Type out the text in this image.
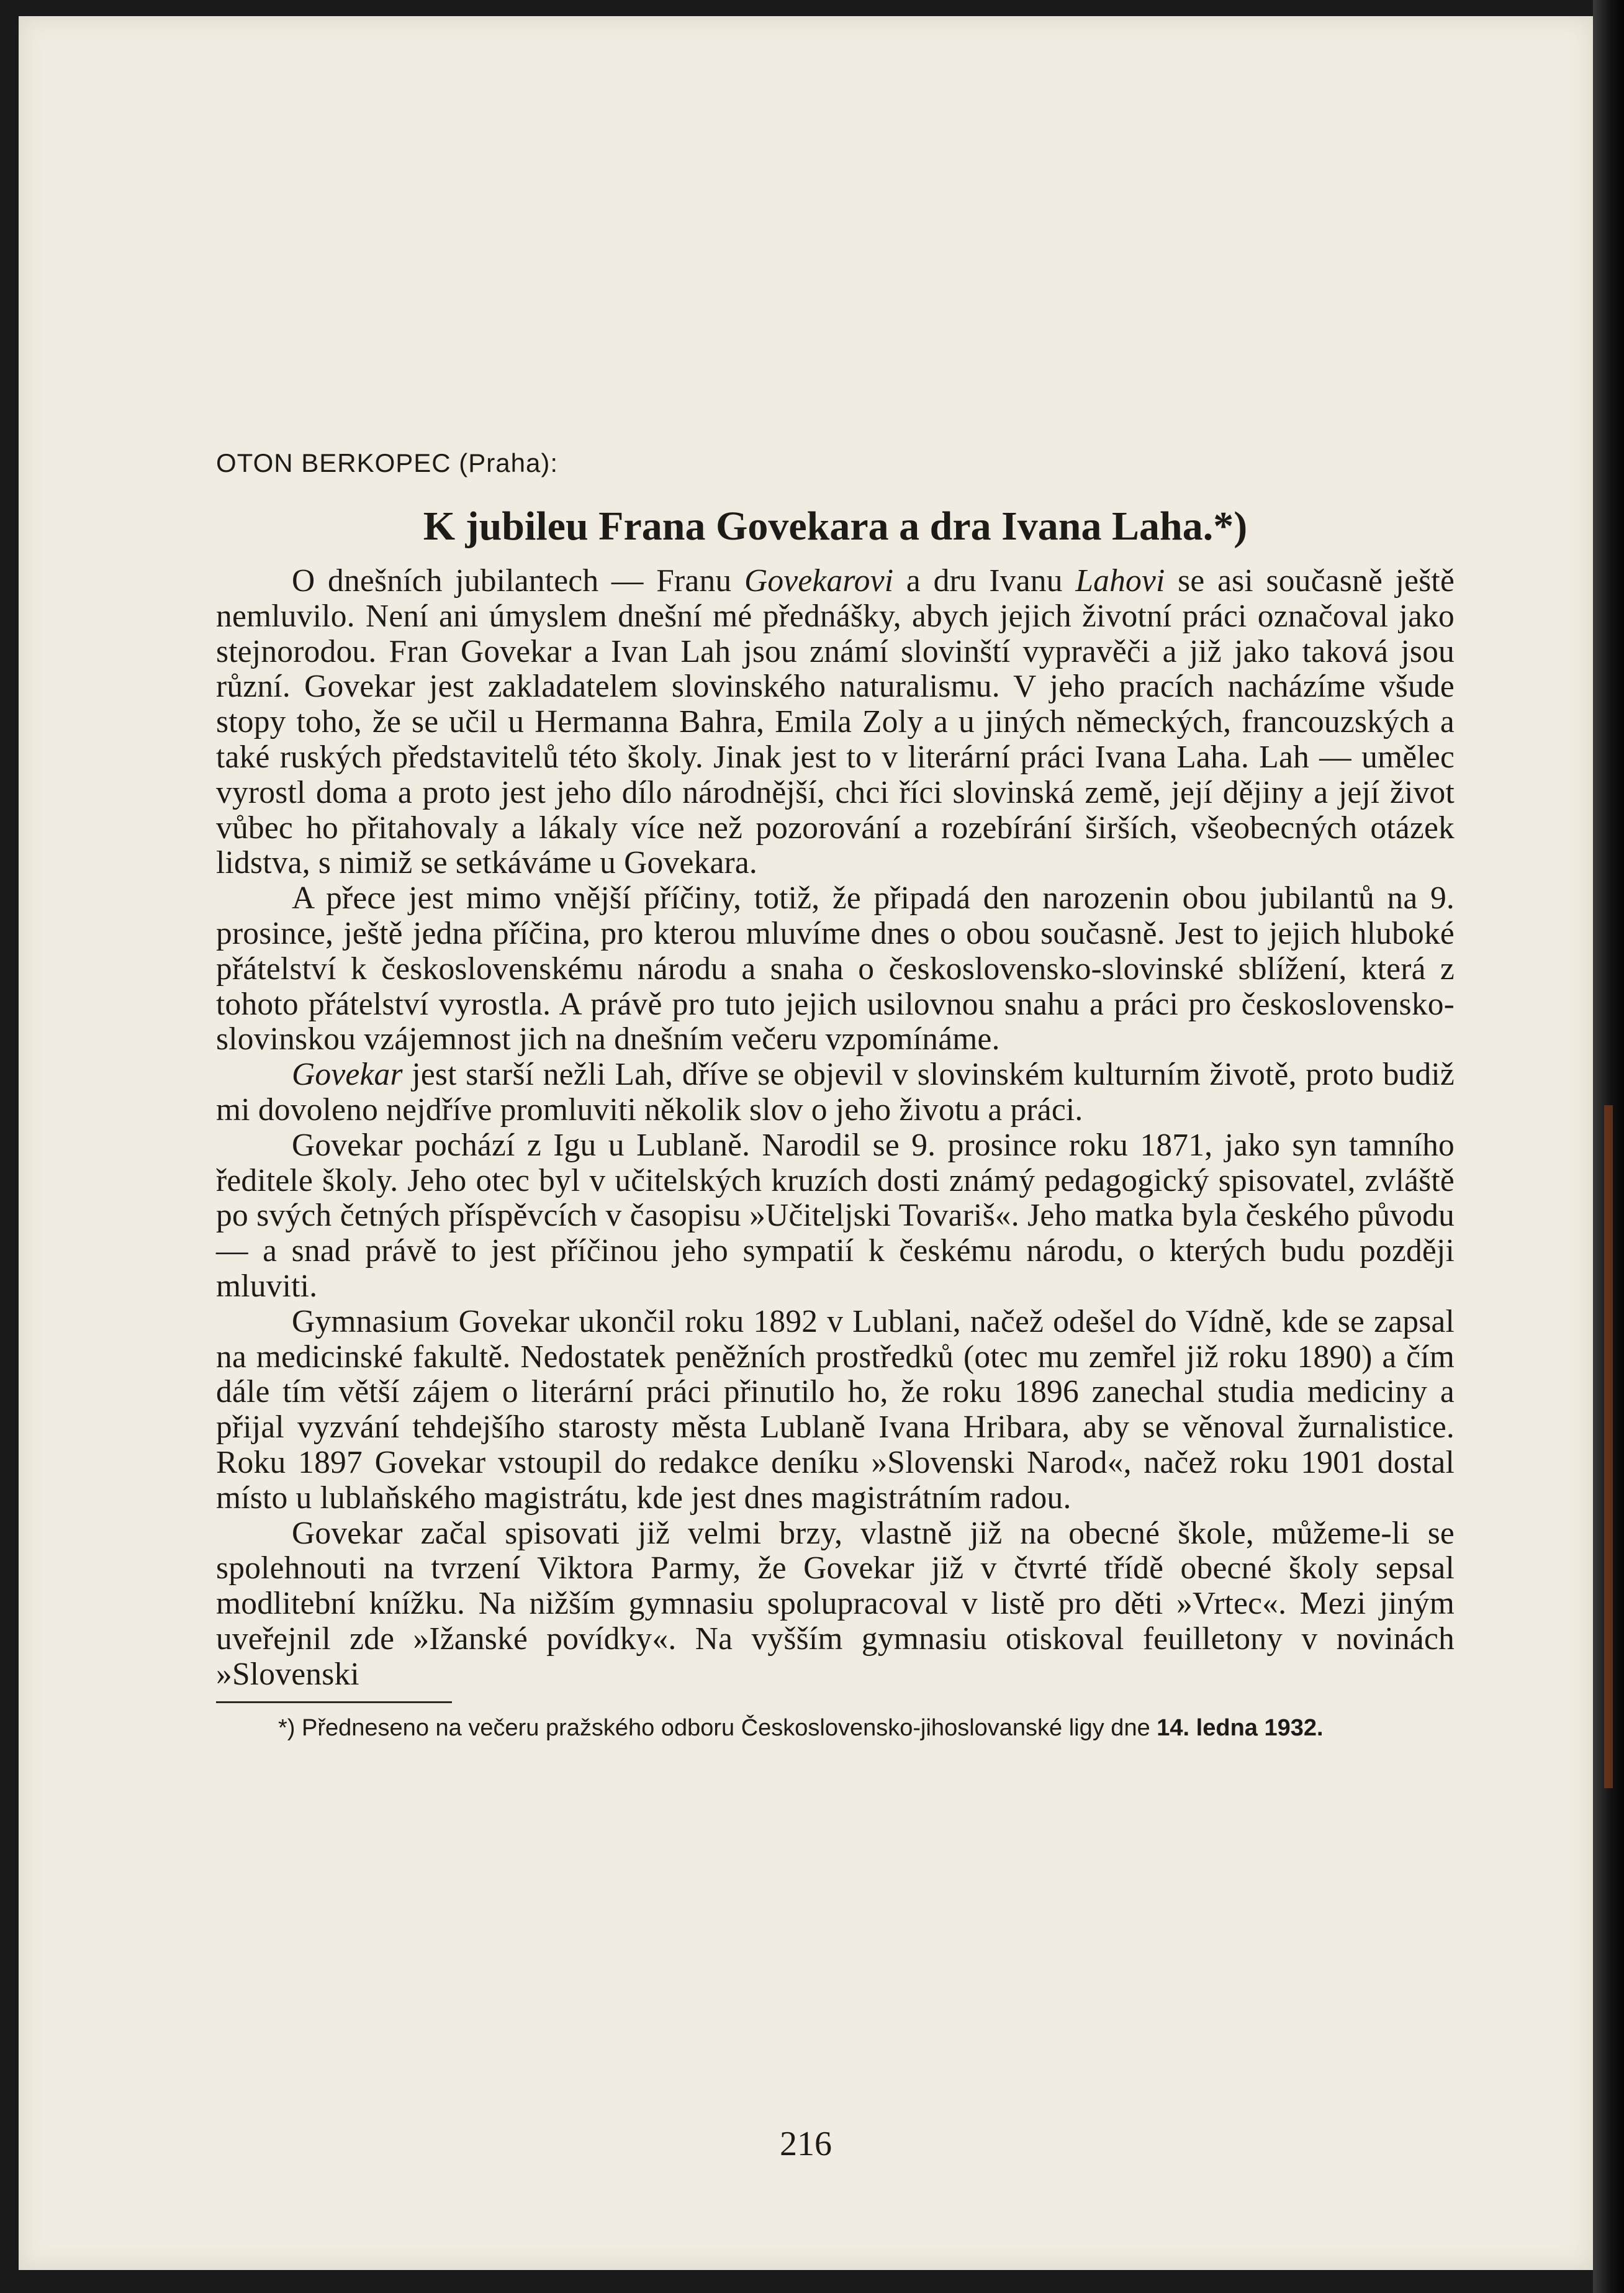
OTON BERKOPEC (Praha):

K jubileu Frana Govekara a dra Ivana Laha.*)

O dnešních jubilantech — Franu Govekarovi a dru Ivanu Lahovi se asi současně ještě nemluvilo. Není ani úmyslem dnešní mé přednášky, abych jejich životní práci označoval jako stejnorodou. Fran Govekar a Ivan Lah jsou známí slovinští vypravěči a již jako taková jsou různí. Govekar jest zakladatelem slovinského naturalismu. V jeho pracích nacházíme všude stopy toho, že se učil u Hermanna Bahra, Emila Zoly a u jiných německých, francouzských a také ruských představitelů této školy. Jinak jest to v literární práci Ivana Laha. Lah — umělec vyrostl doma a proto jest jeho dílo národnější, chci říci slovinská země, její dějiny a její život vůbec ho přitahovaly a lákaly více než pozorování a rozebírání širších, všeobecných otázek lidstva, s nimiž se setkáváme u Govekara.

A přece jest mimo vnější příčiny, totiž, že připadá den narozenin obou jubilantů na 9. prosince, ještě jedna příčina, pro kterou mluvíme dnes o obou současně. Jest to jejich hluboké přátelství k československému národu a snaha o československo-slovinské sblížení, která z tohoto přátelství vyrostla. A právě pro tuto jejich usilovnou snahu a práci pro československo-slovinskou vzájemnost jich na dnešním večeru vzpomínáme.

Govekar jest starší nežli Lah, dříve se objevil v slovinském kulturním životě, proto budiž mi dovoleno nejdříve promluviti několik slov o jeho životu a práci.

Govekar pochází z Igu u Lublaně. Narodil se 9. prosince roku 1871, jako syn tamního ředitele školy. Jeho otec byl v učitelských kruzích dosti známý pedagogický spisovatel, zvláště po svých četných příspěvcích v časopisu »Učiteljski Tovariš«. Jeho matka byla českého původu — a snad právě to jest příčinou jeho sympatií k českému národu, o kterých budu později mluviti.

Gymnasium Govekar ukončil roku 1892 v Lublani, načež odešel do Vídně, kde se zapsal na medicinské fakultě. Nedostatek peněžních prostředků (otec mu zemřel již roku 1890) a čím dále tím větší zájem o literární práci přinutilo ho, že roku 1896 zanechal studia mediciny a přijal vyzvání tehdejšího starosty města Lublaně Ivana Hribara, aby se věnoval žurnalistice. Roku 1897 Govekar vstoupil do redakce deníku »Slovenski Narod«, načež roku 1901 dostal místo u lublaňského magistrátu, kde jest dnes magistrátním radou.

Govekar začal spisovati již velmi brzy, vlastně již na obecné škole, můžeme-li se spolehnouti na tvrzení Viktora Parmy, že Govekar již v čtvrté třídě obecné školy sepsal modlitební knížku. Na nižším gymnasiu spolupracoval v listě pro děti »Vrtec«. Mezi jiným uveřejnil zde »Ižanské povídky«. Na vyšším gymnasiu otiskoval feuilletony v novinách »Slovenski

*) Předneseno na večeru pražského odboru Československo-jihoslovanské ligy dne 14. ledna 1932.

216
